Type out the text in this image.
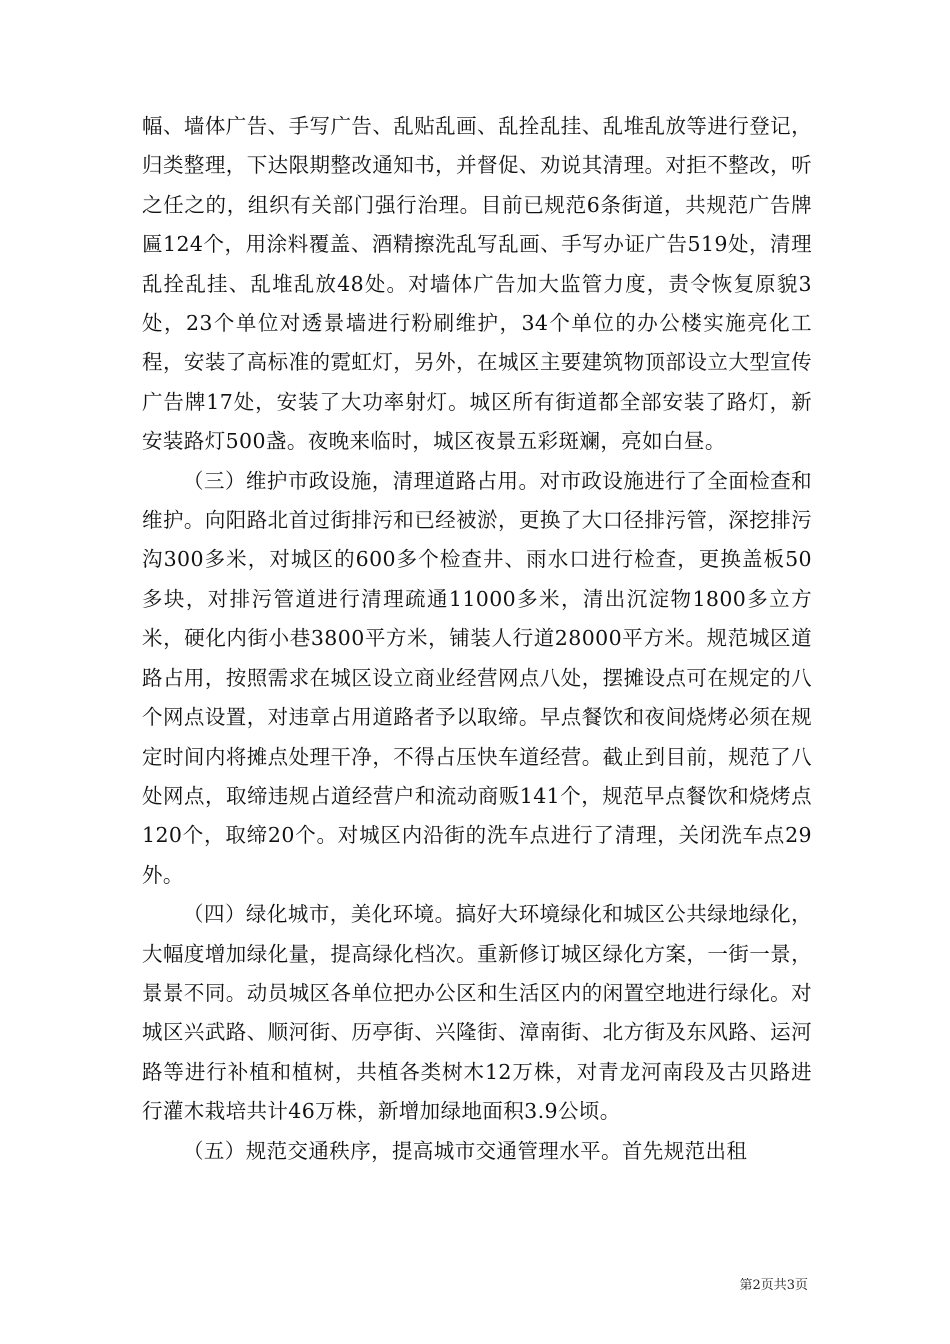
幅、墙体广告、手写广告、乱贴乱画、乱拴乱挂、乱堆乱放等进行登记，归类整理，下达限期整改通知书，并督促、劝说其清理。对拒不整改，听之任之的，组织有关部门强行治理。目前已规范6条街道，共规范广告牌匾124个，用涂料覆盖、酒精擦洗乱写乱画、手写办证广告519处，清理乱拴乱挂、乱堆乱放48处。对墙体广告加大监管力度，责令恢复原貌3处，23个单位对透景墙进行粉刷维护，34个单位的办公楼实施亮化工程，安装了高标准的霓虹灯，另外，在城区主要建筑物顶部设立大型宣传广告牌17处，安装了大功率射灯。城区所有街道都全部安装了路灯，新安装路灯500盏。夜晚来临时，城区夜景五彩斑斓，亮如白昼。

（三）维护市政设施，清理道路占用。对市政设施进行了全面检查和维护。向阳路北首过街排污和已经被淤，更换了大口径排污管，深挖排污沟300多米，对城区的600多个检查井、雨水口进行检查，更换盖板50多块，对排污管道进行清理疏通11000多米，清出沉淀物1800多立方米，硬化内街小巷3800平方米，铺装人行道28000平方米。规范城区道路占用，按照需求在城区设立商业经营网点八处，摆摊设点可在规定的八个网点设置，对违章占用道路者予以取缔。早点餐饮和夜间烧烤必须在规定时间内将摊点处理干净，不得占压快车道经营。截止到目前，规范了八处网点，取缔违规占道经营户和流动商贩141个，规范早点餐饮和烧烤点120个，取缔20个。对城区内沿街的洗车点进行了清理，关闭洗车点29外。

（四）绿化城市，美化环境。搞好大环境绿化和城区公共绿地绿化，大幅度增加绿化量，提高绿化档次。重新修订城区绿化方案，一街一景，景景不同。动员城区各单位把办公区和生活区内的闲置空地进行绿化。对城区兴武路、顺河街、历亭街、兴隆街、漳南街、北方街及东风路、运河路等进行补植和植树，共植各类树木12万株，对青龙河南段及古贝路进行灌木栽培共计46万株，新增加绿地面积3.9公顷。

（五）规范交通秩序，提高城市交通管理水平。首先规范出租

第2页共3页
